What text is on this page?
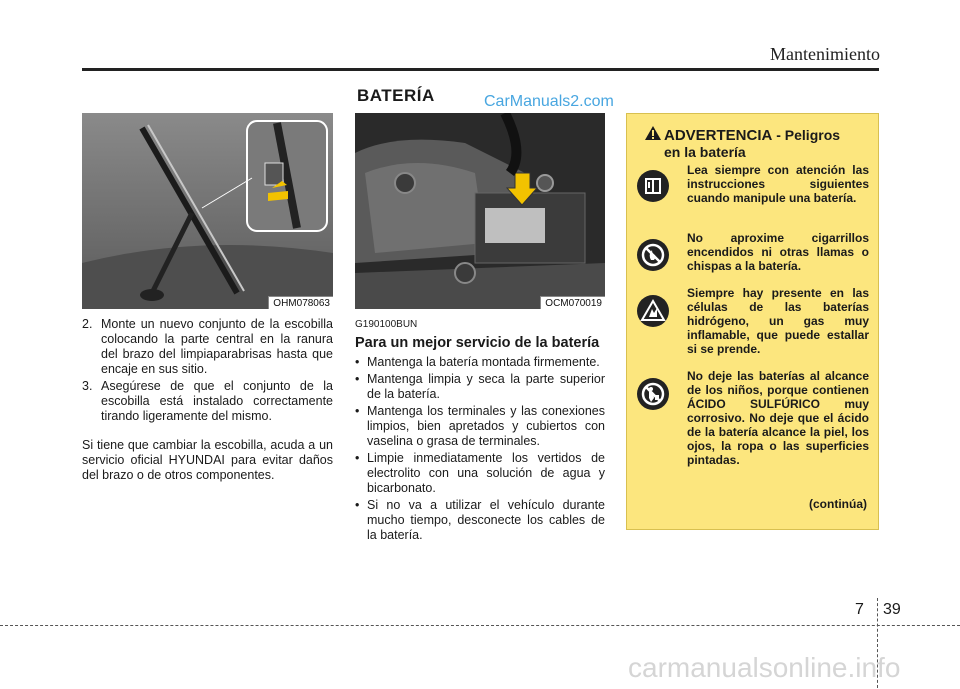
Mantenimiento
BATERÍA	CarManuals2.com
OHM078063	OCM070019
2. Monte un nuevo conjunto de la escobilla colocando la parte central en la ranura del brazo del limpiaparabrisas hasta que encaje en sus sitio.
3. Asegúrese de que el conjunto de la escobilla está instalado correctamente tirando ligeramente del mismo.
Si tiene que cambiar la escobilla, acuda a un servicio oficial HYUNDAI para evitar daños del brazo o de otros componentes.
G190100BUN
Para un mejor servicio de la batería
• Mantenga la batería montada firmemente.
• Mantenga limpia y seca la parte superior de la batería.
• Mantenga los terminales y las conexiones limpios, bien apretados y cubiertos con vaselina o grasa de terminales.
• Limpie inmediatamente los vertidos de electrolito con una solución de agua y bicarbonato.
• Si no va a utilizar el vehículo durante mucho tiempo, desconecte los cables de la batería.
ADVERTENCIA - Peligros
en la batería
Lea siempre con atención las instrucciones siguientes cuando manipule una batería.
No aproxime cigarrillos encendidos ni otras llamas o chispas a la batería.
Siempre hay presente en las células de las baterías hidrógeno, un gas muy inflamable, que puede estallar si se prende.
No deje las baterías al alcance de los niños, porque contienen ÁCIDO SULFÚRICO muy corrosivo. No deje que el ácido de la batería alcance la piel, los ojos, la ropa o las superficies pintadas.
(continúa)
7 39
carmanualsonline.info
